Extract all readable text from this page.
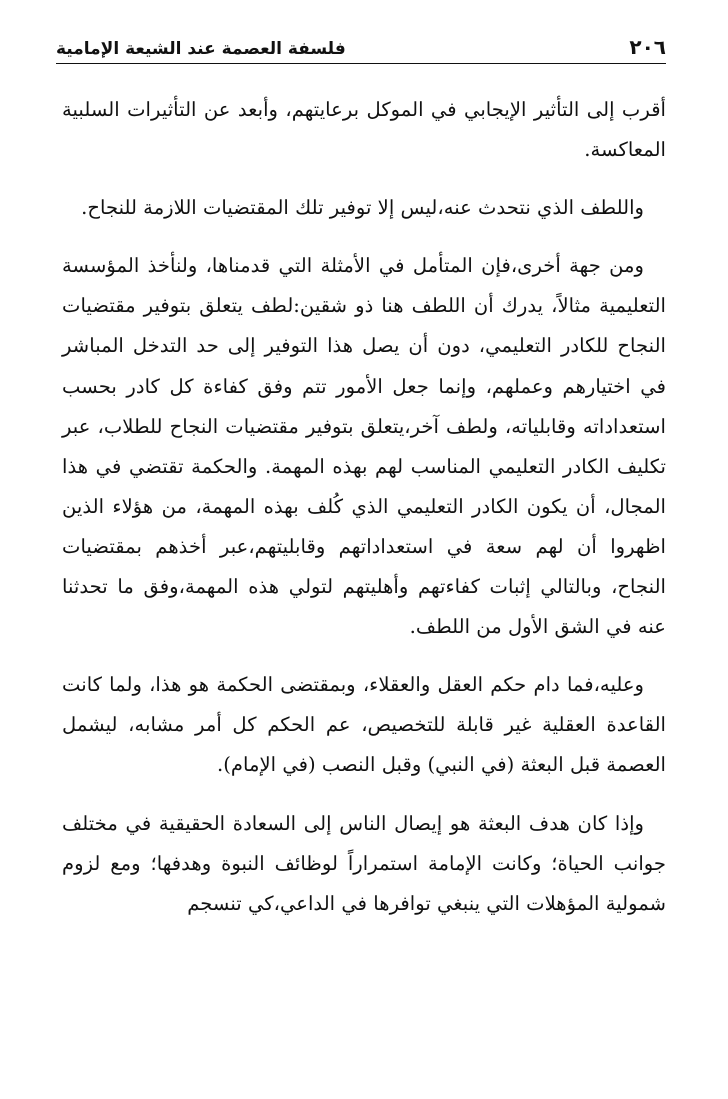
٢٠٦
فلسفة العصمة عند الشيعة الإمامية

أقرب إلى التأثير الإيجابي في الموكل برعايتهم، وأبعد عن التأثيرات السلبية المعاكسة.

واللطف الذي نتحدث عنه،ليس إلا توفير تلك المقتضيات اللازمة للنجاح.

ومن جهة أخرى،فإن المتأمل في الأمثلة التي قدمناها، ولنأخذ المؤسسة التعليمية مثالاً، يدرك أن اللطف هنا ذو شقين:لطف يتعلق بتوفير مقتضيات النجاح للكادر التعليمي، دون أن يصل هذا التوفير إلى حد التدخل المباشر في اختيارهم وعملهم، وإنما جعل الأمور تتم وفق كفاءة كل كادر بحسب استعداداته وقابلياته، ولطف آخر،يتعلق بتوفير مقتضيات النجاح للطلاب، عبر تكليف الكادر التعليمي المناسب لهم بهذه المهمة. والحكمة تقتضي في هذا المجال، أن يكون الكادر التعليمي الذي كُلف بهذه المهمة، من هؤلاء الذين اظهروا أن لهم سعة في استعداداتهم وقابليتهم،عبر أخذهم بمقتضيات النجاح، وبالتالي إثبات كفاءتهم وأهليتهم لتولي هذه المهمة،وفق ما تحدثنا عنه في الشق الأول من اللطف.

وعليه،فما دام حكم العقل والعقلاء، وبمقتضى الحكمة هو هذا، ولما كانت القاعدة العقلية غير قابلة للتخصيص، عم الحكم كل أمر مشابه، ليشمل العصمة قبل البعثة (في النبي) وقبل النصب (في الإمام).

وإذا كان هدف البعثة هو إيصال الناس إلى السعادة الحقيقية في مختلف جوانب الحياة؛ وكانت الإمامة استمراراً لوظائف النبوة وهدفها؛ ومع لزوم شمولية المؤهلات التي ينبغي توافرها في الداعي،كي تنسجم
